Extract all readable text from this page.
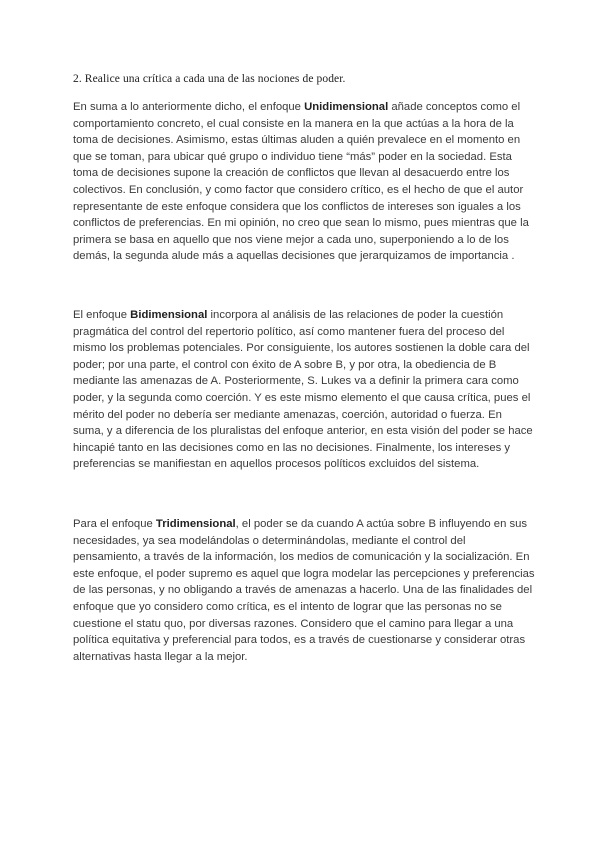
2. Realice una crítica a cada una de las nociones de poder.

En suma a lo anteriormente dicho, el enfoque Unidimensional añade conceptos como el comportamiento concreto, el cual consiste en la manera en la que actúas a la hora de la toma de decisiones. Asimismo, estas últimas aluden a quién prevalece en el momento en que se toman, para ubicar qué grupo o individuo tiene “más” poder en la sociedad. Esta toma de decisiones supone la creación de conflictos que llevan al desacuerdo entre los colectivos. En conclusión, y como factor que considero crítico, es el hecho de que el autor representante de este enfoque considera que los conflictos de intereses son iguales a los conflictos de preferencias. En mi opinión, no creo que sean lo mismo, pues mientras que la primera se basa en aquello que nos viene mejor a cada uno, superponiendo a lo de los demás, la segunda alude más a aquellas decisiones que jerarquizamos de importancia .

El enfoque Bidimensional incorpora al análisis de las relaciones de poder la cuestión pragmática del control del repertorio político, así como mantener fuera del proceso del mismo los problemas potenciales. Por consiguiente, los autores sostienen la doble cara del poder; por una parte, el control con éxito de A sobre B, y por otra, la obediencia de B mediante las amenazas de A. Posteriormente, S. Lukes va a definir la primera cara como poder, y la segunda como coerción. Y es este mismo elemento el que causa crítica, pues el mérito del poder no debería ser mediante amenazas, coerción, autoridad o fuerza. En suma, y a diferencia de los pluralistas del enfoque anterior, en esta visión del poder se hace hincapié tanto en las decisiones como en las no decisiones. Finalmente, los intereses y preferencias se manifiestan en aquellos procesos políticos excluidos del sistema.

Para el enfoque Tridimensional, el poder se da cuando A actúa sobre B influyendo en sus necesidades, ya sea modelándolas o determinándolas, mediante el control del pensamiento, a través de la información, los medios de comunicación y la socialización. En este enfoque, el poder supremo es aquel que logra modelar las percepciones y preferencias de las personas, y no obligando a través de amenazas a hacerlo. Una de las finalidades del enfoque que yo considero como crítica, es el intento de lograr que las personas no se cuestione el statu quo, por diversas razones. Considero que el camino para llegar a una política equitativa y preferencial para todos, es a través de cuestionarse y considerar otras alternativas hasta llegar a la mejor.
